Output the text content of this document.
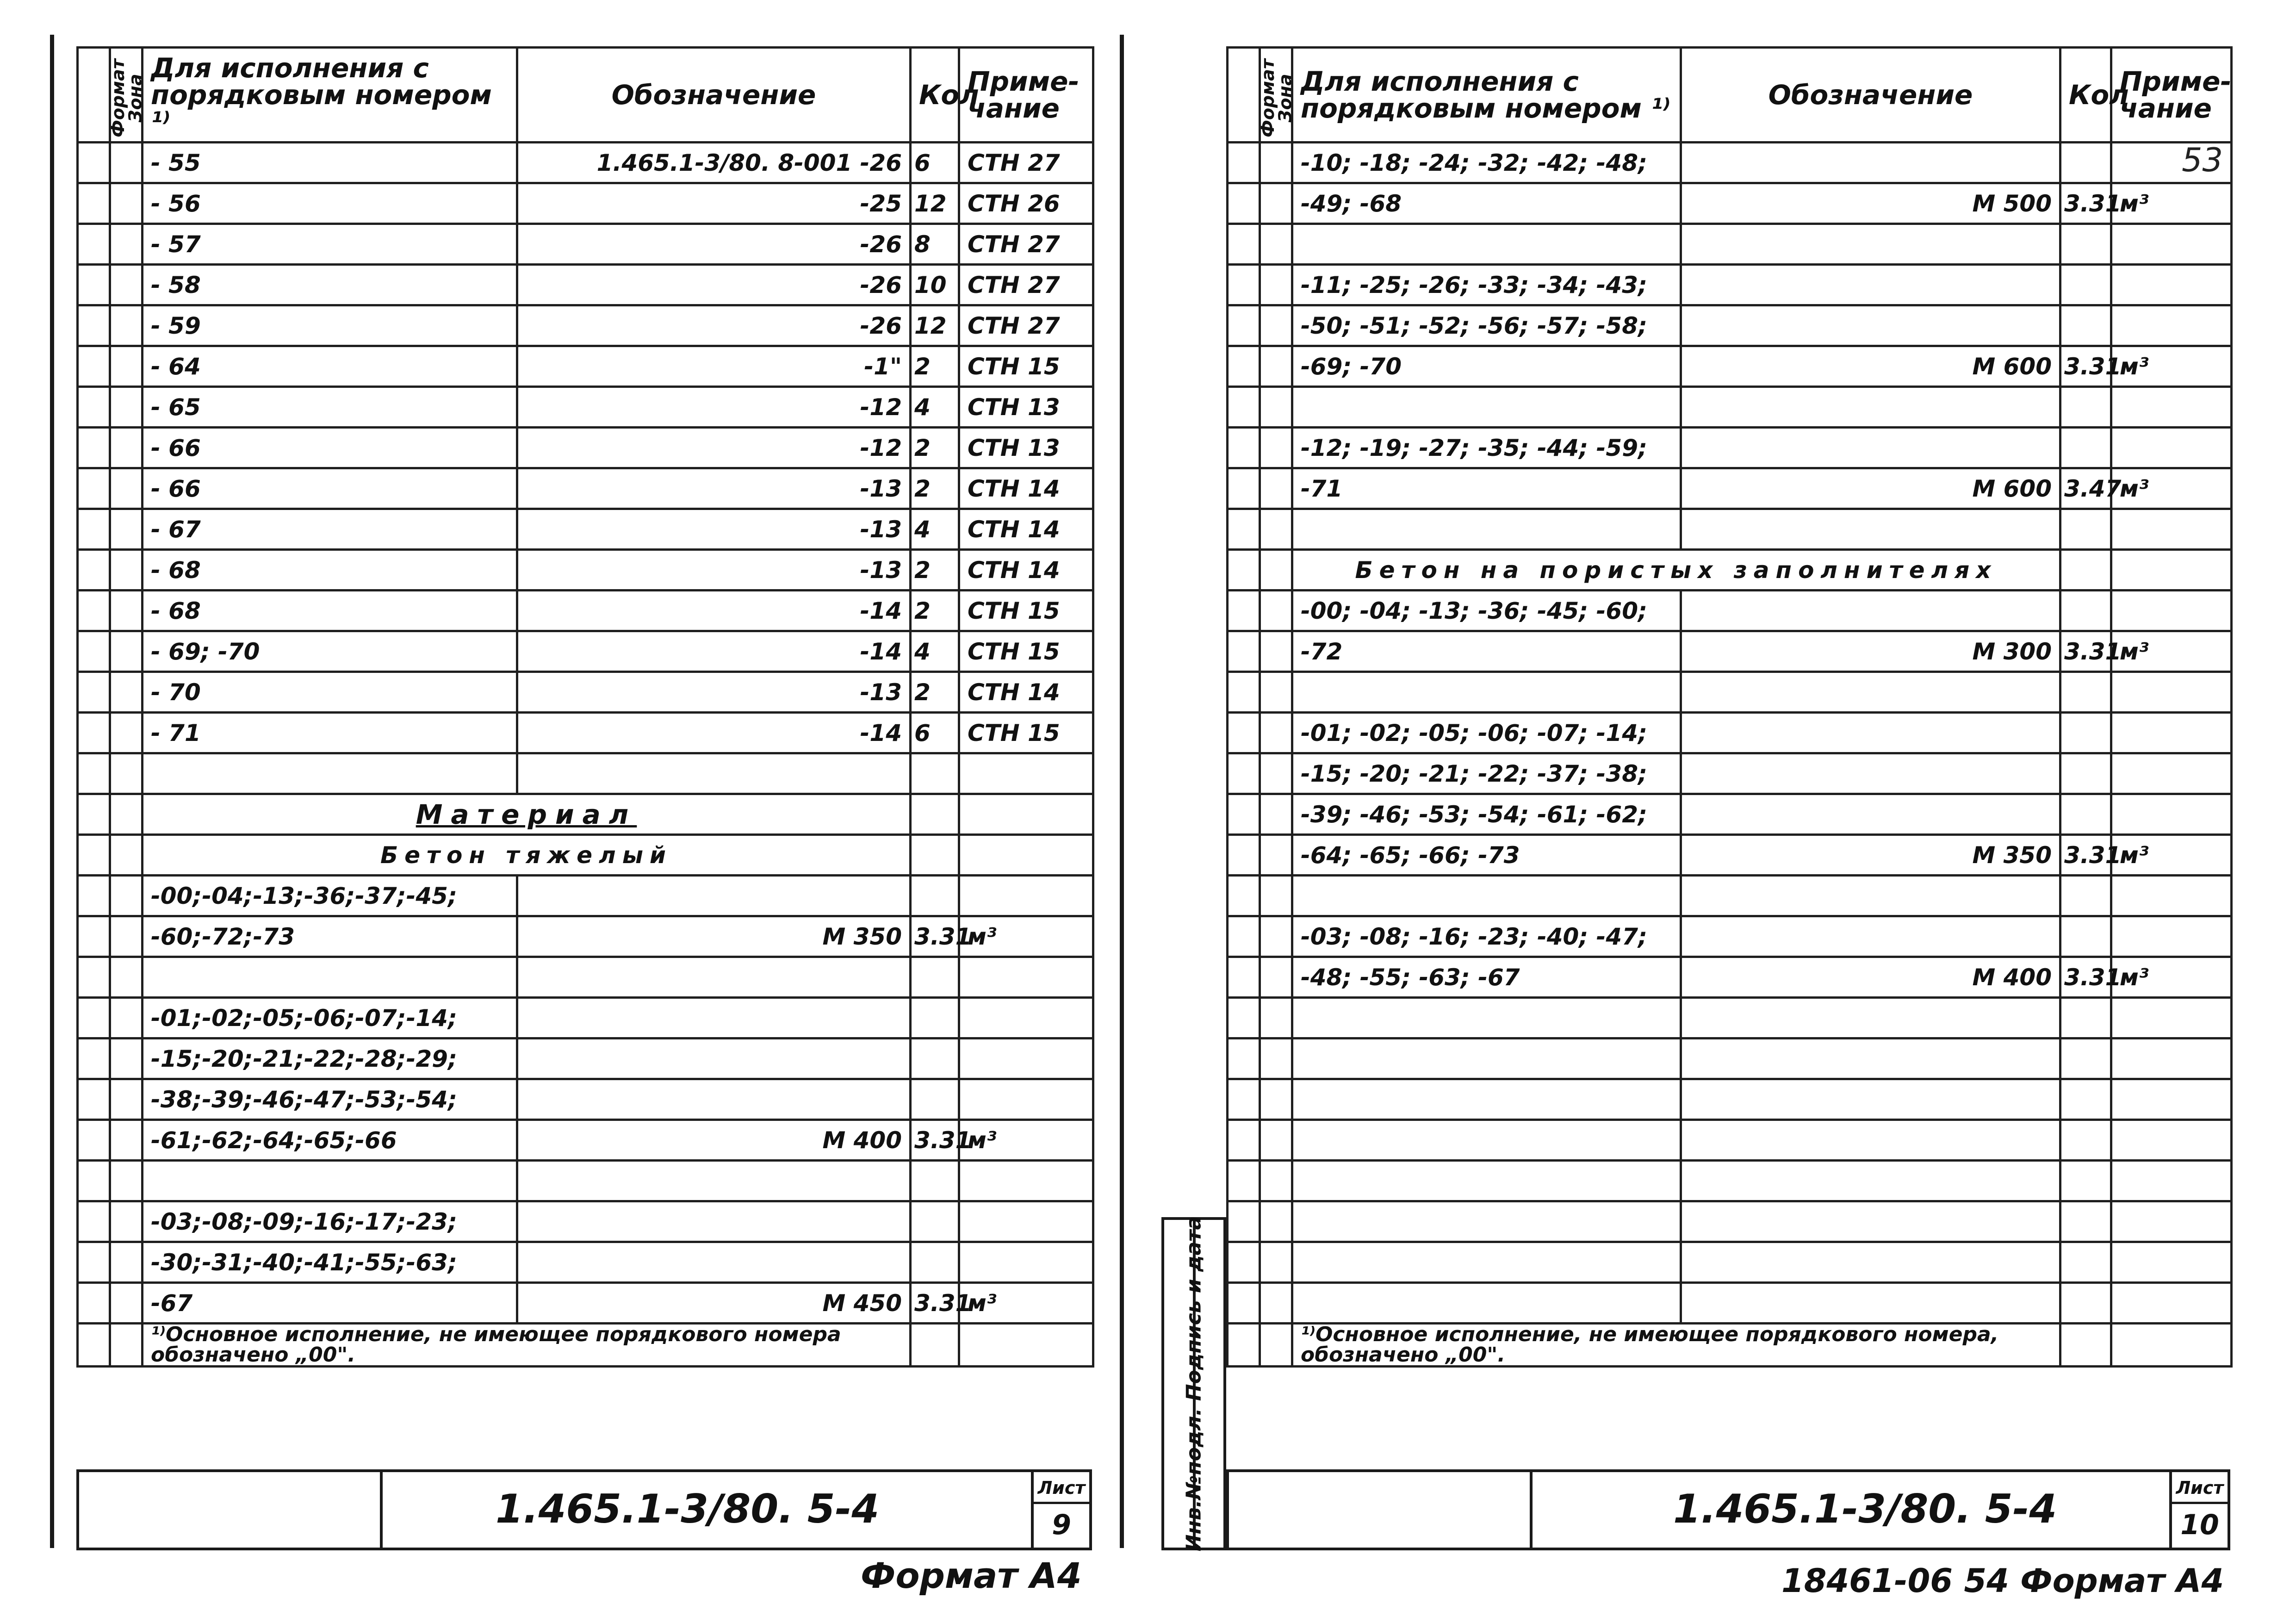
Формат	Зона	Для исполнения с порядковым номером ¹⁾	Обозначение	Кол	Приме-чание
		- 55	1.465.1-3/80. 8-001 -26	6	СТН 27
		- 56	-25	12	СТН 26
		- 57	-26	8	СТН 27
		- 58	-26	10	СТН 27
		- 59	-26	12	СТН 27
		- 64	-1"	2	СТН 15
		- 65	-12	4	СТН 13
		- 66	-12	2	СТН 13
		- 66	-13	2	СТН 14
		- 67	-13	4	СТН 14
		- 68	-13	2	СТН 14
		- 68	-14	2	СТН 15
		- 69; -70	-14	4	СТН 15
		- 70	-13	2	СТН 14
		- 71	-14	6	СТН 15

		Материал			
		Бетон тяжелый			
		-00;-04;-13;-36;-37;-45;			
		-60;-72;-73	М 350	3.31	м³

		-01;-02;-05;-06;-07;-14;			
		-15;-20;-21;-22;-28;-29;			
		-38;-39;-46;-47;-53;-54;			
		-61;-62;-64;-65;-66	М 400	3.31	м³

		-03;-08;-09;-16;-17;-23;			
		-30;-31;-40;-41;-55;-63;			
		-67	М 450	3.31	м³
		¹⁾Основное исполнение, не имеющее порядкового номера обозначено „00".			
1.465.1-3/80. 5-4	Лист
9
Формат А4
Формат	Зона	Для исполнения с порядковым номером ¹⁾	Обозначение	Кол	Приме-чание
		-10; -18; -24; -32; -42; -48;			
		-49; -68	М 500	3.31	м³

		-11; -25; -26; -33; -34; -43;			
		-50; -51; -52; -56; -57; -58;			
		-69; -70	М 600	3.31	м³

		-12; -19; -27; -35; -44; -59;			
		-71	М 600	3.47	м³

		Бетон на пористых заполнителях			
		-00; -04; -13; -36; -45; -60;			
		-72	М 300	3.31	м³

		-01; -02; -05; -06; -07; -14;			
		-15; -20; -21; -22; -37; -38;			
		-39; -46; -53; -54; -61; -62;			
		-64; -65; -66; -73	М 350	3.31	м³

		-03; -08; -16; -23; -40; -47;			
		-48; -55; -63; -67	М 400	3.31	м³

		¹⁾Основное исполнение, не имеющее порядкового номера, обозначено „00".			
53
Инв.№подл. Подпись и дата	1.465.1-3/80. 5-4	Лист
10
18461-06 54 Формат А4
